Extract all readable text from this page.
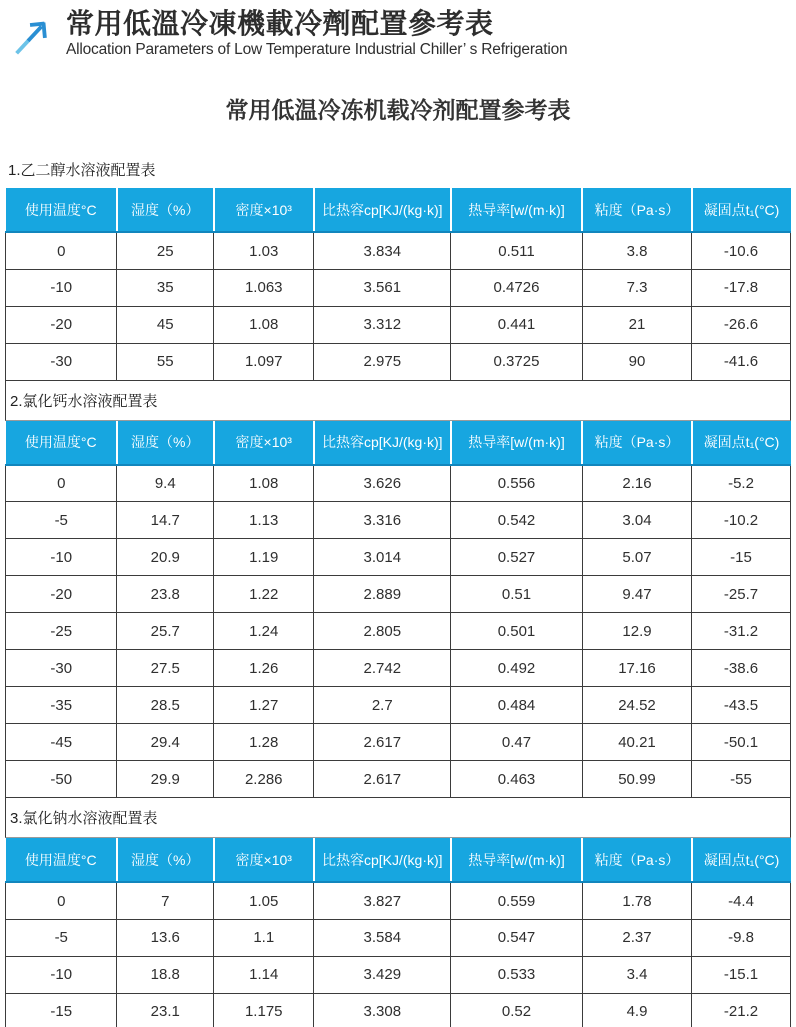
常用低溫冷凍機載冷劑配置參考表
Allocation Parameters of Low Temperature Industrial Chiller’ s Refrigeration
常用低温冷冻机载冷剂配置参考表
1.乙二醇水溶液配置表
使用温度°C	湿度（%）	密度×10³	比热容cp[KJ/(kg·k)]	热导率[w/(m·k)]	粘度（Pa·s）	凝固点t₁(°C)
0	25	1.03	3.834	0.511	3.8	-10.6
-10	35	1.063	3.561	0.4726	7.3	-17.8
-20	45	1.08	3.312	0.441	21	-26.6
-30	55	1.097	2.975	0.3725	90	-41.6
2.氯化钙水溶液配置表
使用温度°C	湿度（%）	密度×10³	比热容cp[KJ/(kg·k)]	热导率[w/(m·k)]	粘度（Pa·s）	凝固点t₁(°C)
0	9.4	1.08	3.626	0.556	2.16	-5.2
-5	14.7	1.13	3.316	0.542	3.04	-10.2
-10	20.9	1.19	3.014	0.527	5.07	-15
-20	23.8	1.22	2.889	0.51	9.47	-25.7
-25	25.7	1.24	2.805	0.501	12.9	-31.2
-30	27.5	1.26	2.742	0.492	17.16	-38.6
-35	28.5	1.27	2.7	0.484	24.52	-43.5
-45	29.4	1.28	2.617	0.47	40.21	-50.1
-50	29.9	2.286	2.617	0.463	50.99	-55
3.氯化钠水溶液配置表
使用温度°C	湿度（%）	密度×10³	比热容cp[KJ/(kg·k)]	热导率[w/(m·k)]	粘度（Pa·s）	凝固点t₁(°C)
0	7	1.05	3.827	0.559	1.78	-4.4
-5	13.6	1.1	3.584	0.547	2.37	-9.8
-10	18.8	1.14	3.429	0.533	3.4	-15.1
-15	23.1	1.175	3.308	0.52	4.9	-21.2
